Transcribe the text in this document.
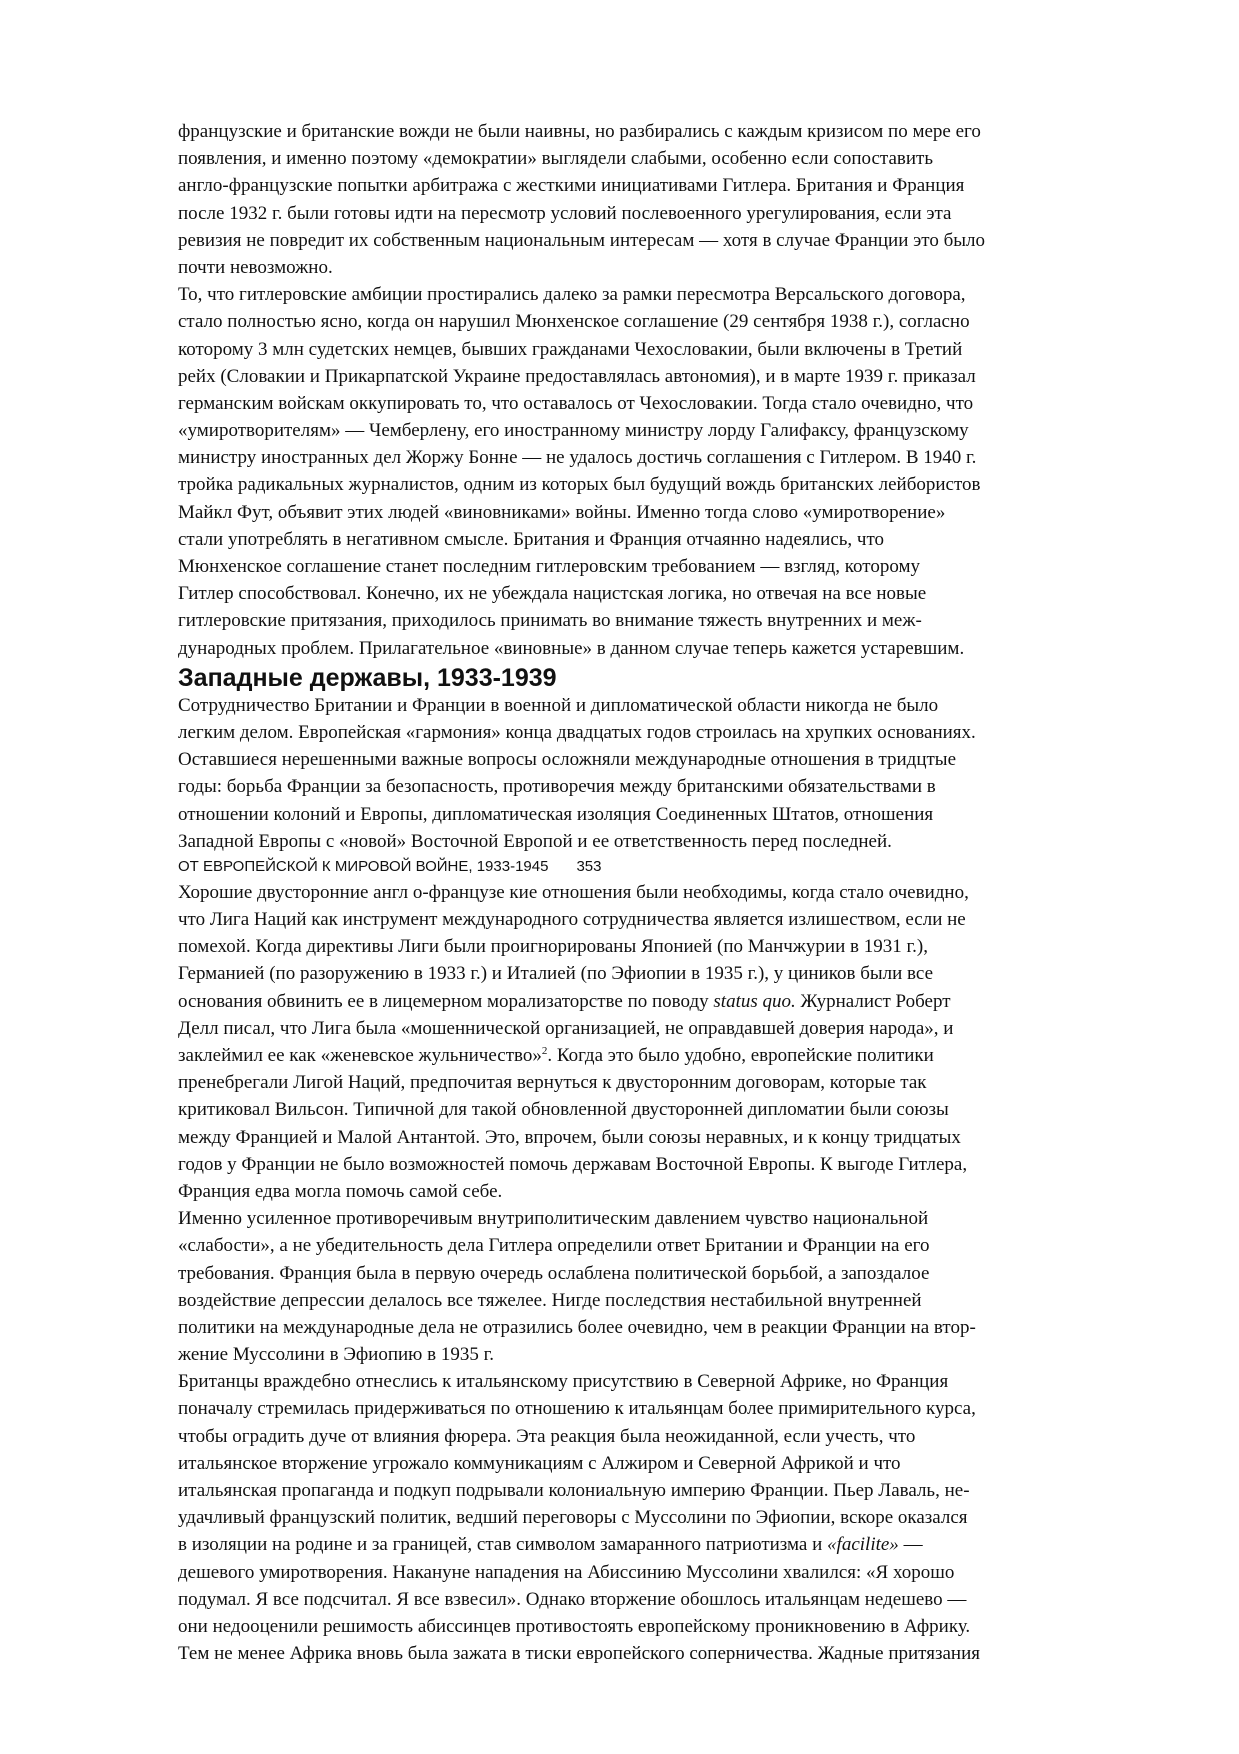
французские и британские вожди не были наивны, но разбирались с каждым кризисом по мере его
появления, и именно поэтому «демократии» выглядели слабыми, особенно если сопоставить
англо-французские попытки арбитража с жесткими инициативами Гитлера. Британия и Франция
после 1932 г. были готовы идти на пересмотр условий послевоенного урегулирования, если эта
ревизия не повредит их собственным национальным интересам — хотя в случае Франции это было
почти невозможно.
То, что гитлеровские амбиции простирались далеко за рамки пересмотра Версальского договора,
стало полностью ясно, когда он нарушил Мюнхенское соглашение (29 сентября 1938 г.), согласно
которому 3 млн судетских немцев, бывших гражданами Чехословакии, были включены в Третий
рейх (Словакии и Прикарпатской Украине предоставлялась автономия), и в марте 1939 г. приказал
германским войскам оккупировать то, что оставалось от Чехословакии. Тогда стало очевидно, что
«умиротворителям» — Чемберлену, его иностранному министру лорду Галифаксу, французскому
министру иностранных дел Жоржу Бонне — не удалось достичь соглашения с Гитлером. В 1940 г.
тройка радикальных журналистов, одним из которых был будущий вождь британских лейбористов
Майкл Фут, объявит этих людей «виновниками» войны. Именно тогда слово «умиротворение»
стали употреблять в негативном смысле. Британия и Франция отчаянно надеялись, что
Мюнхенское соглашение станет последним гитлеровским требованием — взгляд, которому
Гитлер способствовал. Конечно, их не убеждала нацистская логика, но отвечая на все новые
гитлеровские притязания, приходилось принимать во внимание тяжесть внутренних и меж-
дународных проблем. Прилагательное «виновные» в данном случае теперь кажется устаревшим.
Западные державы, 1933-1939
Сотрудничество Британии и Франции в военной и дипломатической области никогда не было
легким делом. Европейская «гармония» конца двадцатых годов строилась на хрупких основаниях.
Оставшиеся нерешенными важные вопросы осложняли международные отношения в тридцтые
годы: борьба Франции за безопасность, противоречия между британскими обязательствами в
отношении колоний и Европы, дипломатическая изоляция Соединенных Штатов, отношения
Западной Европы с «новой» Восточной Европой и ее ответственность перед последней.
ОТ ЕВРОПЕЙСКОЙ К МИРОВОЙ ВОЙНЕ, 1933-1945 353
Хорошие двусторонние англ о-французе кие отношения были необходимы, когда стало очевидно,
что Лига Наций как инструмент международного сотрудничества является излишеством, если не
помехой. Когда директивы Лиги были проигнорированы Японией (по Манчжурии в 1931 г.),
Германией (по разоружению в 1933 г.) и Италией (по Эфиопии в 1935 г.), у циников были все
основания обвинить ее в лицемерном морализаторстве по поводу status quo. Журналист Роберт
Делл писал, что Лига была «мошеннической организацией, не оправдавшей доверия народа», и
заклеймил ее как «женевское жульничество»$^2$. Когда это было удобно, европейские политики
пренебрегали Лигой Наций, предпочитая вернуться к двусторонним договорам, которые так
критиковал Вильсон. Типичной для такой обновленной двусторонней дипломатии были союзы
между Францией и Малой Антантой. Это, впрочем, были союзы неравных, и к концу тридцатых
годов у Франции не было возможностей помочь державам Восточной Европы. К выгоде Гитлера,
Франция едва могла помочь самой себе.
Именно усиленное противоречивым внутриполитическим давлением чувство национальной
«слабости», а не убедительность дела Гитлера определили ответ Британии и Франции на его
требования. Франция была в первую очередь ослаблена политической борьбой, а запоздалое
воздействие депрессии делалось все тяжелее. Нигде последствия нестабильной внутренней
политики на международные дела не отразились более очевидно, чем в реакции Франции на втор-
жение Муссолини в Эфиопию в 1935 г.
Британцы враждебно отнеслись к итальянскому присутствию в Северной Африке, но Франция
поначалу стремилась придерживаться по отношению к итальянцам более примирительного курса,
чтобы оградить дуче от влияния фюрера. Эта реакция была неожиданной, если учесть, что
итальянское вторжение угрожало коммуникациям с Алжиром и Северной Африкой и что
итальянская пропаганда и подкуп подрывали колониальную империю Франции. Пьер Лаваль, не-
удачливый французский политик, ведший переговоры с Муссолини по Эфиопии, вскоре оказался
в изоляции на родине и за границей, став символом замаранного патриотизма и «facilite» —
дешевого умиротворения. Накануне нападения на Абиссинию Муссолини хвалился: «Я хорошо
подумал. Я все подсчитал. Я все взвесил». Однако вторжение обошлось итальянцам недешево —
они недооценили решимость абиссинцев противостоять европейскому проникновению в Африку.
Тем не менее Африка вновь была зажата в тиски европейского соперничества. Жадные притязания
